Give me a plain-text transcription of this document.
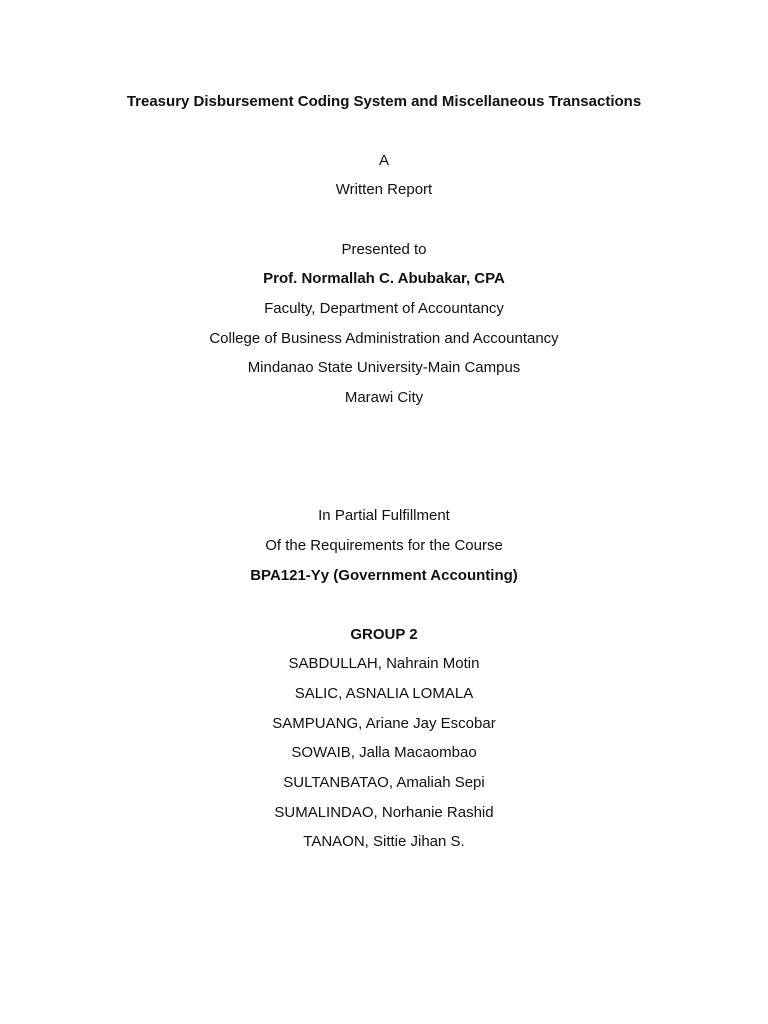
Treasury Disbursement Coding System and Miscellaneous Transactions
A
Written Report
Presented to
Prof. Normallah C. Abubakar, CPA
Faculty, Department of Accountancy
College of Business Administration and Accountancy
Mindanao State University-Main Campus
Marawi City
In Partial Fulfillment
Of the Requirements for the Course
BPA121-Yy (Government Accounting)
GROUP 2
SABDULLAH, Nahrain Motin
SALIC, ASNALIA LOMALA
SAMPUANG, Ariane Jay Escobar
SOWAIB, Jalla Macaombao
SULTANBATAO, Amaliah Sepi
SUMALINDAO, Norhanie Rashid
TANAON, Sittie Jihan S.
